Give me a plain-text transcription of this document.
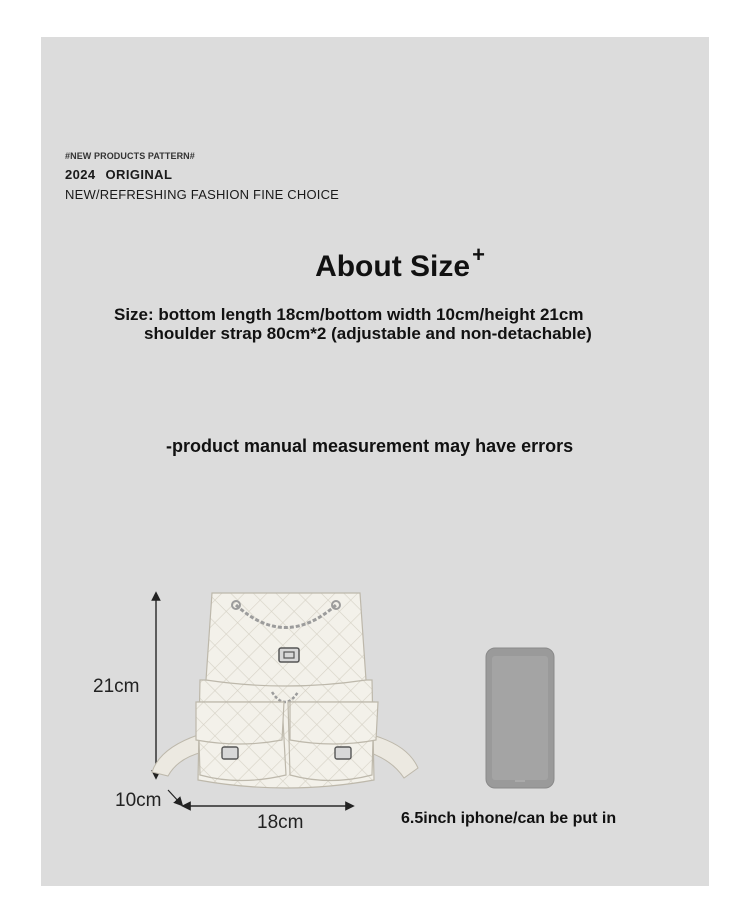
#NEW PRODUCTS PATTERN#
2024 ORIGINAL
NEW/REFRESHING FASHION FINE CHOICE
About Size+
Size: bottom length 18cm/bottom width 10cm/height 21cm
shoulder strap 80cm*2 (adjustable and non-detachable)
-product manual measurement may have errors
21cm
10cm
18cm	6.5inch iphone/can be put in
